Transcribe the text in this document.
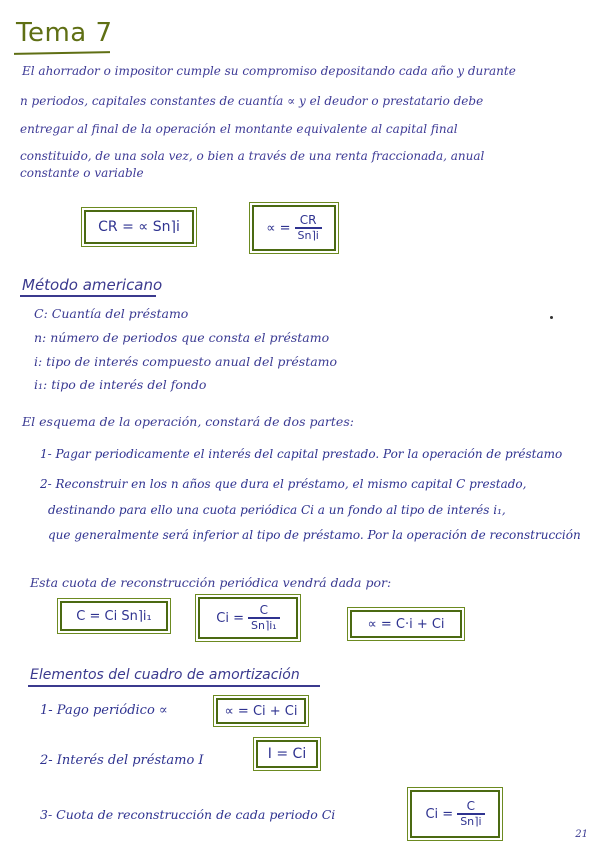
Tema 7
El ahorrador o impositor cumple su compromiso depositando cada año y durante
n periodos, capitales constantes de cuantía ∝ y el deudor o prestatario debe
entregar al final de la operación el montante equivalente al capital final
constituido, de una sola vez, o bien a través de una renta fraccionada, anual
constante o variable
CR = ∝ Sn⌉i	∝ = $\frac{CR}{Sn⌉i}$
Método americano
C: Cuantía del préstamo
n: número de periodos que consta el préstamo
i: tipo de interés compuesto anual del préstamo
i₁: tipo de interés del fondo
El esquema de la operación, constará de dos partes:
1- Pagar periodicamente el interés del capital prestado. Por la operación de préstamo
2- Reconstruir en los n años que dura el préstamo, el mismo capital C prestado,
destinando para ello una cuota periódica Ci a un fondo al tipo de interés i₁,
que generalmente será inferior al tipo de préstamo. Por la operación de reconstrucción
Esta cuota de reconstrucción periódica vendrá dada por:
C = Ci Sn⌉i₁	$Ci = \frac{C}{\text{Sn⌉i₁}}$	∝ = C·i + Ci
Elementos del cuadro de amortización
1- Pago periódico ∝	∝ = Ci + Ci
2- Interés del préstamo I	I = Ci
3- Cuota de reconstrucción de cada periodo Ci	$Ci = \frac{C}{Sn⌉i}$
21
